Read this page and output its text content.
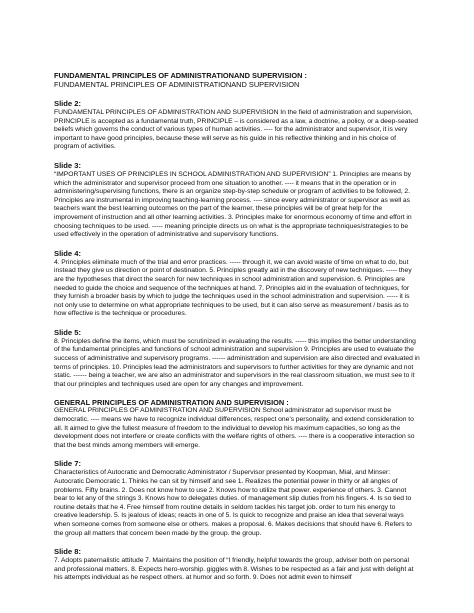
FUNDAMENTAL PRINCIPLES OF ADMINISTRATIONAND SUPERVISION :
FUNDAMENTAL PRINCIPLES OF ADMINISTRATIONAND SUPERVISION
Slide 2:
FUNDAMENTAL PRINCIPLES OF ADMINISTRATION AND SUPERVISION In the field of administration and supervision, PRINCIPLE is accepted as a fundamental truth, PRINCIPLE – is considered as a law, a doctrine, a policy, or a deep-seated beliefs which governs the conduct of various types of human activities. ---- for the administrator and supervisor, it is very important to have good principles, because these will serve as his guide in his reflective thinking and in his choice of program of activities.
Slide 3:
“IMPORTANT USES OF PRINCIPLES IN SCHOOL ADMINISTRATION AND SUPERVISION” 1. Principles are means by which the administrator and supervisor proceed from one situation to another. ---- it means that in the operation or in administering/supervising functions, there is an organize step-by-step schedule or program of activities to be followed, 2. Principles are instrumental in improving teaching-learning process. ---- since every administrator or supervisor as well as teachers want the best learning outcomes on the part of the learner, these principles will be of great help for the improvement of instruction and all other learning activities. 3. Principles make for enormous economy of time and effort in choosing techniques to be used. ----- meaning principle directs us on what is the appropriate techniques/strategies to be used effectively in the operation of administrative and supervisory functions.
Slide 4:
4. Principles eliminate much of the trial and error practices. ----- through it, we can avoid waste of time on what to do, but instead they give us direction or point of destination. 5. Principles greatly aid in the discovery of new techniques. ----- they are the hypotheses that direct the search for new techniques in school administration and supervision. 6. Principles are needed to guide the choice and sequence of the techniques at hand. 7. Principles aid in the evaluation of techniques, for they furnish a broader basis by which to judge the techniques used in the school administration and supervision. ----- it is not only use to determine on what appropriate techniques to be used, but it can also serve as measurement / basis as to how effective is the technique or procedures.
Slide 5:
8. Principles define the items, which must be scrutinized in evaluating the results. ----- this implies the better understanding of the fundamental principles and functions of school administration and supervision 9. Principles are used to evaluate the success of administrative and supervisory programs. ------ administration and supervision are also directed and evaluated in terms of principles. 10. Principles lead the administrators and supervisors to further activities for they are dynamic and not static. ------ being a teacher, we are also an administrator and supervisors in the real classroom situation, we must see to it that our principles and techniques used are open for any changes and improvement.
GENERAL PRINCIPLES OF ADMINISTRATION AND SUPERVISION :
GENERAL PRINCIPLES OF ADMINISTRATION AND SUPERVISION School administrator ad supervisor must be democratic. ---- means we have to recognize individual differences, respect one’s personality, and extend consideration to all. It aimed to give the fullest measure of freedom to the individual to develop his maximum capacities, so long as the development does not interfere or create conflicts with the welfare rights of others. ---- there is a cooperative interaction so that the best minds among members will emerge.
Slide 7:
Characteristics of Autocratic and Democratic Administrator / Supervisor presented by Koopman, Mial, and Minser: Autocratic Democratic 1. Thinks he can sit by himself and see 1. Realizes the potential power in thirty or all angles of problems. Fifty brains. 2. Does not know how to use 2. Knows how to utilize that power. experience of others. 3. Cannot bear to let any of the strings 3. Knows how to delegates duties. of management slip duties from his fingers. 4. Is so tied to routine details that he 4. Free himself from routine details in seldom tackles his target job. order to turn his energy to creative leadership. 5. Is jealous of ideas; reacts in one of 5. Is quick to recognize and praise an idea that several ways when someone comes from someone else or others. makes a proposal. 6. Makes decisions that should have 6. Refers to the group all matters that concern been made by the group. the group.
Slide 8:
7. Adopts paternalistic attitude 7. Maintains the position of “I friendly, helpful towards the group, adviser both on personal and professional matters. 8. Expects hero-worship. giggles with 8. Wishes to be respected as a fair and just with delight at his attempts individual as he respect others. at humor and so forth. 9. Does not admit even to himself
